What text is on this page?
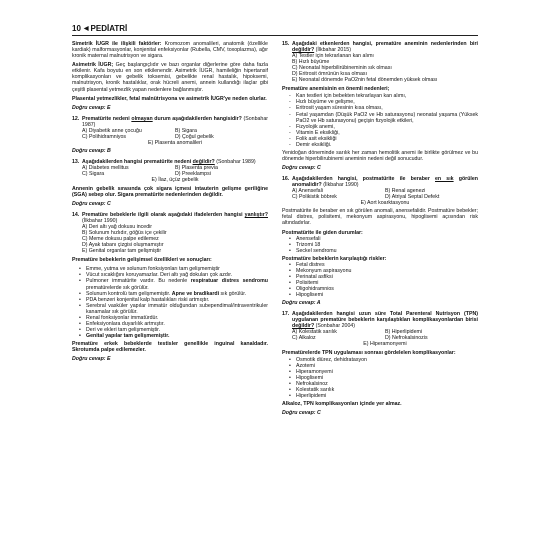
10 ◀ PEDİATRİ

Simetrik İUGR ile ilişkili faktörler: Kromozom anomalileri, anatomik (özellikle kardiak) malformasyonlar, konjenital enfeksiyonlar (Rubella, CMV, toxoplazma), ağır kronik maternal malnutrisyon ve sigara.

Asimetrik İUGR; Geç başlangıçlıdır ve bazı organlar diğerlerine göre daha fazla etkilenir. Kafa boyutu en son etkilenendir. Asimetrik İUGR, hamileliğin hipertansif komplikasyonları ve gebelik toksemisi, gebelikte renal hastalık, hipoksemi, malnutrisyon, kronik hastalıklar, orak hücreli anemi, annein kullandığı ilaçlar gibi çeşitli plasental yetmezlik yapan nedenlere bağlanmıştır.

Plasental yetmezlikler, fetal malnütrisyona ve asimetrik İUGR'ye neden olurlar.

Doğru cevap: E
12. Prematürite nedeni olmayan durum aşağıdakilerden hangisidir? (Sonbahar 1987)
A) Diyabetik anne çocuğu	B) Sigara
C) Polihidramniyos	D) Çoğul gebelik
E) Plasenta anomalileri
Doğru cevap: B
13. Aşağıdakilerden hangisi prematürite nedeni değildir? (Sonbahar 1989)
A) Diabetes mellitus	B) Plasenta previa
C) Sigara	D) Preeklampsi
E) İlaz, üçüz gebelik

Annenin gebelik sırasında çok sigara içmesi intauterin gelişme geriliğine (SGA) sebep olur. Sigara prematürite nedenlerinden değildir.

Doğru cevap: C
14. Prematüre bebeklerle ilgili olarak aşağıdaki ifadelerden hangisi yanlıştır? (İlkbahar 1990)
A) Deri altı yağ dokusu incedir
B) Solunum hızlıdır, göğüs içe çekilir
C) Meme dokusu palpe edilemez
D) Ayak tabanı çizgisi oluşmamıştır
E) Genital organlar tam gelişmiştir

Prematüre bebeklerin gelişimsel özellikleri ve sonuçları:

• Emme, yutma ve solunum fonksiyonları tam gelişmemiştir
• Vücut sıcaklığını koruyamazlar. Deri altı yağ dokuları çok azdır.
• Pulmoner immatürite vardır. Bu nedenle respiratuar distres sendromu prematürelerde sık görülür.
• Solunum kontrolü tam gelişmemiştir. Apne ve bradikardi sık görülür.
• PDA benzeri konjenital kalp hastalıkları riski artmıştır.
• Serebral vasküler yapılar immatür olduğundan subependimal/intraventrikuler kanamalar sık görülür.
• Renal fonksiyonlar immatürdür.
• Enfeksiyonlara duyarlılık artmıştır.
• Deri ve ekleri tam gelişmemiştir.
• Genital yapılar tam gelişmemiştir.

Prematüre erkek bebeklerde testisler genellikle inguinal kanaldadır. Skrotumda palpe edilemezler.

Doğru cevap: E
15. Aşağıdaki etkenlerden hangisi, prematüre aneminin nedenlerinden biri değildir? (İlkbahar 2015)
A) Testler için tekrarlanan kan alımı
B) Hızlı büyüme
C) Neonatal hiperbilirübineminin sık olması
D) Eritrosit ömrünün kısa olması
E) Neonatal dönemde PaO2nin fetal dönemden yüksek olması

Prematüre anemisinin en önemli nedenleri;

- Kan testleri için bebekten tekrarlayan kan alımı,
- Hızlı büyüme ve gelişme,
- Eritrosit yaşam süresinin kısa olması,
- Fetal yaşamdan (Düşük PaO2 ve Hb saturasyonu) neonatal yaşama (Yüksek PaO2 ve Hb saturasyonu) geçişin fizyolojik etkileri,
- Fizyolojik anemi,
- Vitamin E eksikliği,
- Folik asit eksikliği
- Demir eksikliği.

Yenidoğan döneminde sarılık her zaman hemolitik anemi ile birlikte görülmez ve bu dönemde hiperbilirubinemi aneminin nedeni değil sonucudur.

Doğru cevap: C
16. Aşağıdakilerden hangisi, postmatürite ile beraber en sık görülen anomalidir? (İlkbahar 1990)
A) Anensefali	B) Renal agenezi
C) Polikistik böbrek	D) Atriyal Septal Defekt
E) Aort koarktasyonu

Postmatürite ile beraber en sık görülen anomali, anensefalidir. Postmatüre bebekler; fetal distres, polisitemi, mekonyum aspirasyonu, hipoglisemi açısından risk altındadırlar.

Postmatürite ile giden durumlar:

• Anensefali
• Trizomi 18
• Seckel sendromu

Postmatüre bebeklerin karşılaştığı riskler:

• Fetal distres
• Mekonyum aspirasyonu
• Perinatal asfiksi
• Polisitemi
• Oligohidramnios
• Hipoglisemi
Doğru cevap: A
17. Aşağıdakilerden hangisi uzun süre Total Parenteral Nutrisyon (TPN) uygulanan prematüre bebeklerin karşılaştıkları komplikasyonlardan birisi değildir? (Sonbahar 2004)
A) Kolestatik sarılık	B) Hiperlipidemi
C) Alkaloz	D) Nefrokalsinozis
E) Hiperamonyemi

Prematürelerde TPN uygulaması sonrası gördelelen komplikasyonlar:

• Osmotik diürez, dehidratasyon
• Azotemi
• Hiperamonyemi
• Hipoglisemi
• Nefrokalsinoz
• Kolestatik sarılık
• Hiperlipidemi

Alkaloz, TPN komplikasyonları içinde yer almaz.

Doğru cevap: C
